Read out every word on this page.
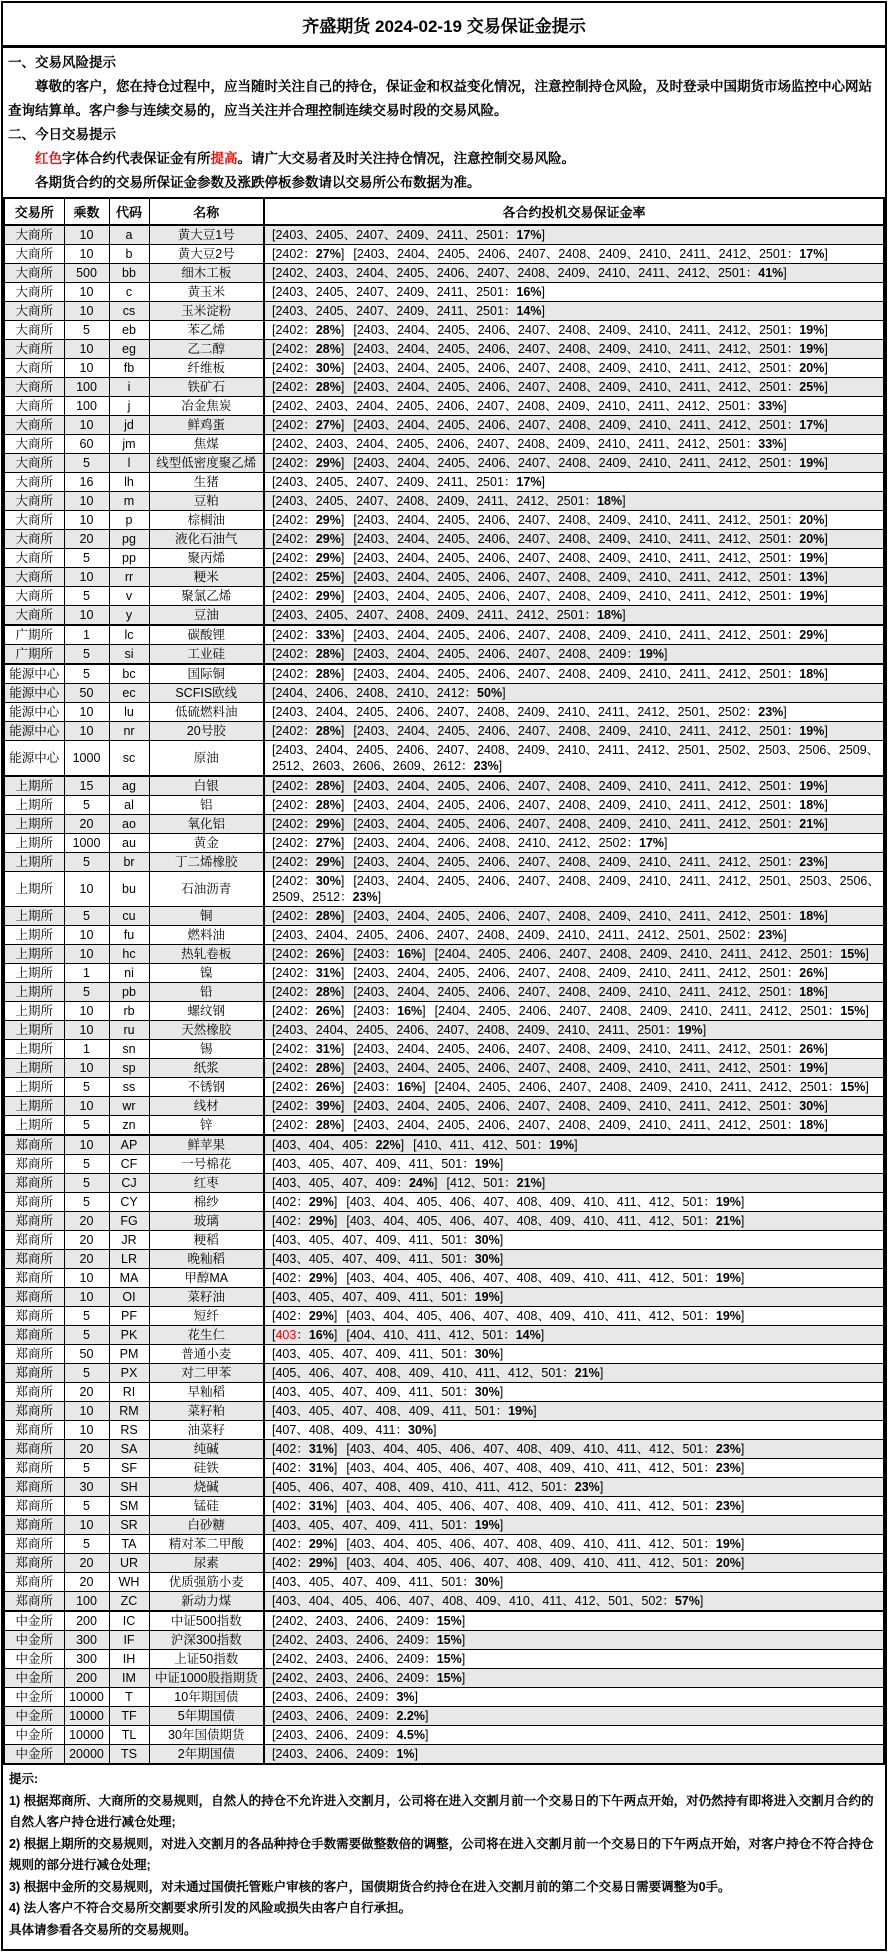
齐盛期货 2024-02-19 交易保证金提示

一、交易风险提示

尊敬的客户，您在持仓过程中，应当随时关注自己的持仓，保证金和权益变化情况，注意控制持仓风险，及时登录中国期货市场监控中心网站查询结算单。客户参与连续交易的，应当关注并合理控制连续交易时段的交易风险。

二、今日交易提示

红色字体合约代表保证金有所提高。请广大交易者及时关注持仓情况，注意控制交易风险。

各期货合约的交易所保证金参数及涨跌停板参数请以交易所公布数据为准。

交易所	乘数	代码	名称	各合约投机交易保证金率
大商所	10	a	黄大豆1号	[2403、2405、2407、2409、2411、2501：17%]
大商所	10	b	黄大豆2号	[2402：27%] [2403、2404、2405、2406、2407、2408、2409、2410、2411、2412、2501：17%]
大商所	500	bb	细木工板	[2402、2403、2404、2405、2406、2407、2408、2409、2410、2411、2412、2501：41%]
大商所	10	c	黄玉米	[2403、2405、2407、2409、2411、2501：16%]
大商所	10	cs	玉米淀粉	[2403、2405、2407、2409、2411、2501：14%]
大商所	5	eb	苯乙烯	[2402：28%] [2403、2404、2405、2406、2407、2408、2409、2410、2411、2412、2501：19%]
大商所	10	eg	乙二醇	[2402：28%] [2403、2404、2405、2406、2407、2408、2409、2410、2411、2412、2501：19%]
大商所	10	fb	纤维板	[2402：30%] [2403、2404、2405、2406、2407、2408、2409、2410、2411、2412、2501：20%]
大商所	100	i	铁矿石	[2402：28%] [2403、2404、2405、2406、2407、2408、2409、2410、2411、2412、2501：25%]
大商所	100	j	冶金焦炭	[2402、2403、2404、2405、2406、2407、2408、2409、2410、2411、2412、2501：33%]
大商所	10	jd	鲜鸡蛋	[2402：27%] [2403、2404、2405、2406、2407、2408、2409、2410、2411、2412、2501：17%]
大商所	60	jm	焦煤	[2402、2403、2404、2405、2406、2407、2408、2409、2410、2411、2412、2501：33%]
大商所	5	l	线型低密度聚乙烯	[2402：29%] [2403、2404、2405、2406、2407、2408、2409、2410、2411、2412、2501：19%]
大商所	16	lh	生猪	[2403、2405、2407、2409、2411、2501：17%]
大商所	10	m	豆粕	[2403、2405、2407、2408、2409、2411、2412、2501：18%]
大商所	10	p	棕榈油	[2402：29%] [2403、2404、2405、2406、2407、2408、2409、2410、2411、2412、2501：20%]
大商所	20	pg	液化石油气	[2402：29%] [2403、2404、2405、2406、2407、2408、2409、2410、2411、2412、2501：20%]
大商所	5	pp	聚丙烯	[2402：29%] [2403、2404、2405、2406、2407、2408、2409、2410、2411、2412、2501：19%]
大商所	10	rr	粳米	[2402：25%] [2403、2404、2405、2406、2407、2408、2409、2410、2411、2412、2501：13%]
大商所	5	v	聚氯乙烯	[2402：29%] [2403、2404、2405、2406、2407、2408、2409、2410、2411、2412、2501：19%]
大商所	10	y	豆油	[2403、2405、2407、2408、2409、2411、2412、2501：18%]
广期所	1	lc	碳酸锂	[2402：33%] [2403、2404、2405、2406、2407、2408、2409、2410、2411、2412、2501：29%]
广期所	5	si	工业硅	[2402：28%] [2403、2404、2405、2406、2407、2408、2409：19%]
能源中心	5	bc	国际铜	[2402：28%] [2403、2404、2405、2406、2407、2408、2409、2410、2411、2412、2501：18%]
能源中心	50	ec	SCFIS欧线	[2404、2406、2408、2410、2412：50%]
能源中心	10	lu	低硫燃料油	[2403、2404、2405、2406、2407、2408、2409、2410、2411、2412、2501、2502：23%]
能源中心	10	nr	20号胶	[2402：28%] [2403、2404、2405、2406、2407、2408、2409、2410、2411、2412、2501：19%]
能源中心	1000	sc	原油	[2403、2404、2405、2406、2407、2408、2409、2410、2411、2412、2501、2502、2503、2506、2509、2512、2603、2606、2609、2612：23%]
上期所	15	ag	白银	[2402：28%] [2403、2404、2405、2406、2407、2408、2409、2410、2411、2412、2501：19%]
上期所	5	al	铝	[2402：28%] [2403、2404、2405、2406、2407、2408、2409、2410、2411、2412、2501：18%]
上期所	20	ao	氧化铝	[2402：29%] [2403、2404、2405、2406、2407、2408、2409、2410、2411、2412、2501：21%]
上期所	1000	au	黄金	[2402：27%] [2403、2404、2406、2408、2410、2412、2502：17%]
上期所	5	br	丁二烯橡胶	[2402：29%] [2403、2404、2405、2406、2407、2408、2409、2410、2411、2412、2501：23%]
上期所	10	bu	石油沥青	[2402：30%] [2403、2404、2405、2406、2407、2408、2409、2410、2411、2412、2501、2503、2506、2509、2512：23%]
上期所	5	cu	铜	[2402：28%] [2403、2404、2405、2406、2407、2408、2409、2410、2411、2412、2501：18%]
上期所	10	fu	燃料油	[2403、2404、2405、2406、2407、2408、2409、2410、2411、2412、2501、2502：23%]
上期所	10	hc	热轧卷板	[2402：26%] [2403：16%] [2404、2405、2406、2407、2408、2409、2410、2411、2412、2501：15%]
上期所	1	ni	镍	[2402：31%] [2403、2404、2405、2406、2407、2408、2409、2410、2411、2412、2501：26%]
上期所	5	pb	铅	[2402：28%] [2403、2404、2405、2406、2407、2408、2409、2410、2411、2412、2501：18%]
上期所	10	rb	螺纹钢	[2402：26%] [2403：16%] [2404、2405、2406、2407、2408、2409、2410、2411、2412、2501：15%]
上期所	10	ru	天然橡胶	[2403、2404、2405、2406、2407、2408、2409、2410、2411、2501：19%]
上期所	1	sn	锡	[2402：31%] [2403、2404、2405、2406、2407、2408、2409、2410、2411、2412、2501：26%]
上期所	10	sp	纸浆	[2402：28%] [2403、2404、2405、2406、2407、2408、2409、2410、2411、2412、2501：19%]
上期所	5	ss	不锈钢	[2402：26%] [2403：16%] [2404、2405、2406、2407、2408、2409、2410、2411、2412、2501：15%]
上期所	10	wr	线材	[2402：39%] [2403、2404、2405、2406、2407、2408、2409、2410、2411、2412、2501：30%]
上期所	5	zn	锌	[2402：28%] [2403、2404、2405、2406、2407、2408、2409、2410、2411、2412、2501：18%]
郑商所	10	AP	鲜苹果	[403、404、405：22%] [410、411、412、501：19%]
郑商所	5	CF	一号棉花	[403、405、407、409、411、501：19%]
郑商所	5	CJ	红枣	[403、405、407、409：24%] [412、501：21%]
郑商所	5	CY	棉纱	[402：29%] [403、404、405、406、407、408、409、410、411、412、501：19%]
郑商所	20	FG	玻璃	[402：29%] [403、404、405、406、407、408、409、410、411、412、501：21%]
郑商所	20	JR	粳稻	[403、405、407、409、411、501：30%]
郑商所	20	LR	晚籼稻	[403、405、407、409、411、501：30%]
郑商所	10	MA	甲醇MA	[402：29%] [403、404、405、406、407、408、409、410、411、412、501：19%]
郑商所	10	OI	菜籽油	[403、405、407、409、411、501：19%]
郑商所	5	PF	短纤	[402：29%] [403、404、405、406、407、408、409、410、411、412、501：19%]
郑商所	5	PK	花生仁	[403：16%] [404、410、411、412、501：14%]
郑商所	50	PM	普通小麦	[403、405、407、409、411、501：30%]
郑商所	5	PX	对二甲苯	[405、406、407、408、409、410、411、412、501：21%]
郑商所	20	RI	早籼稻	[403、405、407、409、411、501：30%]
郑商所	10	RM	菜籽粕	[403、405、407、408、409、411、501：19%]
郑商所	10	RS	油菜籽	[407、408、409、411：30%]
郑商所	20	SA	纯碱	[402：31%] [403、404、405、406、407、408、409、410、411、412、501：23%]
郑商所	5	SF	硅铁	[402：31%] [403、404、405、406、407、408、409、410、411、412、501：23%]
郑商所	30	SH	烧碱	[405、406、407、408、409、410、411、412、501：23%]
郑商所	5	SM	锰硅	[402：31%] [403、404、405、406、407、408、409、410、411、412、501：23%]
郑商所	10	SR	白砂糖	[403、405、407、409、411、501：19%]
郑商所	5	TA	精对苯二甲酸	[402：29%] [403、404、405、406、407、408、409、410、411、412、501：19%]
郑商所	20	UR	尿素	[402：29%] [403、404、405、406、407、408、409、410、411、412、501：20%]
郑商所	20	WH	优质强筋小麦	[403、405、407、409、411、501：30%]
郑商所	100	ZC	新动力煤	[403、404、405、406、407、408、409、410、411、412、501、502：57%]
中金所	200	IC	中证500指数	[2402、2403、2406、2409：15%]
中金所	300	IF	沪深300指数	[2402、2403、2406、2409：15%]
中金所	300	IH	上证50指数	[2402、2403、2406、2409：15%]
中金所	200	IM	中证1000股指期货	[2402、2403、2406、2409：15%]
中金所	10000	T	10年期国债	[2403、2406、2409：3%]
中金所	10000	TF	5年期国债	[2403、2406、2409：2.2%]
中金所	10000	TL	30年国债期货	[2403、2406、2409：4.5%]
中金所	20000	TS	2年期国债	[2403、2406、2409：1%]

提示:

1) 根据郑商所、大商所的交易规则，自然人的持仓不允许进入交割月，公司将在进入交割月前一个交易日的下午两点开始，对仍然持有即将进入交割月合约的自然人客户持仓进行减仓处理;

2) 根据上期所的交易规则，对进入交割月的各品种持仓手数需要做整数倍的调整，公司将在进入交割月前一个交易日的下午两点开始，对客户持仓不符合持仓规则的部分进行减仓处理;

3) 根据中金所的交易规则，对未通过国债托管账户审核的客户，国债期货合约持仓在进入交割月前的第二个交易日需要调整为0手。

4) 法人客户不符合交易所交割要求所引发的风险或损失由客户自行承担。

具体请参看各交易所的交易规则。
